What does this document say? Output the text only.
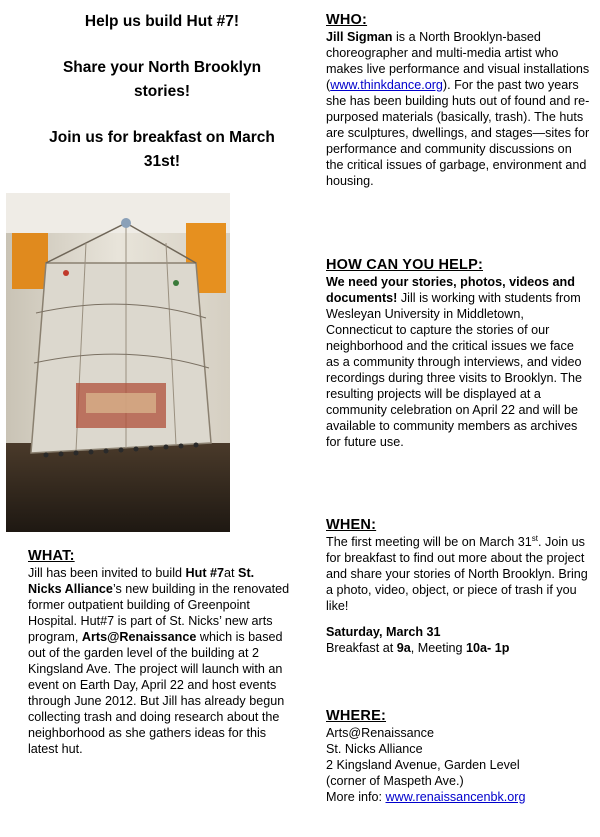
Help us build Hut #7!

Share your North Brooklyn stories!

Join us for breakfast on March 31st!

WHAT:

Jill has been invited to build Hut #7at St. Nicks Alliance’s new building in the renovated former outpatient building of Greenpoint Hospital. Hut#7 is part of St. Nicks’ new arts program, Arts@Renaissance which is based out of the garden level of the building at 2 Kingsland Ave. The project will launch with an event on Earth Day, April 22 and host events through June 2012. But Jill has already begun collecting trash and doing research about the neighborhood as she gathers ideas for this latest hut.

WHO:

Jill Sigman is a North Brooklyn-based choreographer and multi-media artist who makes live performance and visual installations (www.thinkdance.org). For the past two years she has been building huts out of found and re-purposed materials (basically, trash). The huts are sculptures, dwellings, and stages—sites for performance and community discussions on the critical issues of garbage, environment and housing.

HOW CAN YOU HELP:

We need your stories, photos, videos and documents! Jill is working with students from Wesleyan University in Middletown, Connecticut to capture the stories of our neighborhood and the critical issues we face as a community through interviews, and video recordings during three visits to Brooklyn. The resulting projects will be displayed at a community celebration on April 22 and will be available to community members as archives for future use.

WHEN:

The first meeting will be on March 31st. Join us for breakfast to find out more about the project and share your stories of North Brooklyn. Bring a photo, video, object, or piece of trash if you like!

Saturday, March 31

Breakfast at 9a, Meeting 10a- 1p

WHERE:

Arts@Renaissance

St. Nicks Alliance

2 Kingsland Avenue, Garden Level

(corner of Maspeth Ave.)

More info: www.renaissancenbk.org
